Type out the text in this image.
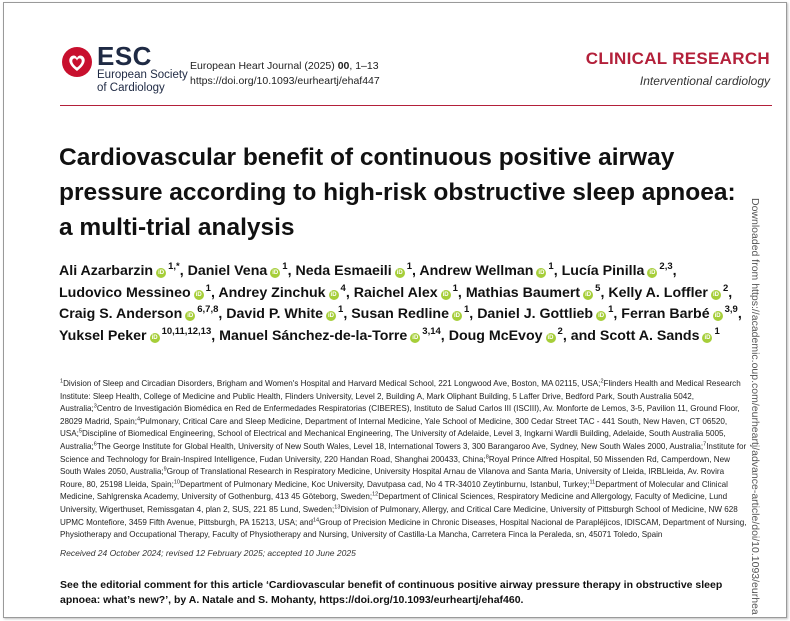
ESC
European Society
of Cardiology
European Heart Journal (2025) 00, 1–13
https://doi.org/10.1093/eurheartj/ehaf447
CLINICAL RESEARCH
Interventional cardiology
Cardiovascular benefit of continuous positive airway pressure according to high-risk obstructive sleep apnoea: a multi-trial analysis
Ali Azarbarzin iD$^{1,*}$, Daniel Vena iD$^1$, Neda Esmaeili iD$^1$, Andrew Wellman iD$^1$, Lucía Pinilla iD$^{2,3}$, Ludovico Messineo iD$^1$, Andrey Zinchuk iD$^4$, Raichel Alex iD$^1$, Mathias Baumert iD$^5$, Kelly A. Loffler iD$^2$, Craig S. Anderson iD$^{6,7,8}$, David P. White iD$^1$, Susan Redline iD$^1$, Daniel J. Gottlieb iD$^1$, Ferran Barbé iD$^{3,9}$, Yuksel Peker iD$^{10,11,12,13}$, Manuel Sánchez-de-la-Torre iD$^{3,14}$, Doug McEvoy iD$^2$, and Scott A. Sands iD$^1$
$^1$Division of Sleep and Circadian Disorders, Brigham and Women's Hospital and Harvard Medical School, 221 Longwood Ave, Boston, MA 02115, USA;$^2$Flinders Health and Medical Research Institute: Sleep Health, College of Medicine and Public Health, Flinders University, Level 2, Building A, Mark Oliphant Building, 5 Laffer Drive, Bedford Park, South Australia 5042, Australia;$^3$Centro de Investigación Biomédica en Red de Enfermedades Respiratorias (CIBERES), Instituto de Salud Carlos III (ISCIII), Av. Monforte de Lemos, 3-5, Pavilion 11, Ground Floor, 28029 Madrid, Spain;$^4$Pulmonary, Critical Care and Sleep Medicine, Department of Internal Medicine, Yale School of Medicine, 300 Cedar Street TAC - 441 South, New Haven, CT 06520, USA;$^5$Discipline of Biomedical Engineering, School of Electrical and Mechanical Engineering, The University of Adelaide, Level 3, Ingkarni Wardli Building, Adelaide, South Australia 5005, Australia;$^6$The George Institute for Global Health, University of New South Wales, Level 18, International Towers 3, 300 Barangaroo Ave, Sydney, New South Wales 2000, Australia;$^7$Institute for Science and Technology for Brain-Inspired Intelligence, Fudan University, 220 Handan Road, Shanghai 200433, China;$^8$Royal Prince Alfred Hospital, 50 Missenden Rd, Camperdown, New South Wales 2050, Australia;$^9$Group of Translational Research in Respiratory Medicine, University Hospital Arnau de Vilanova and Santa Maria, University of Lleida, IRBLleida, Av. Rovira Roure, 80, 25198 Lleida, Spain;$^{10}$Department of Pulmonary Medicine, Koc University, Davutpasa cad, No 4 TR-34010 Zeytinburnu, Istanbul, Turkey;$^{11}$Department of Molecular and Clinical Medicine, Sahlgrenska Academy, University of Gothenburg, 413 45 Göteborg, Sweden;$^{12}$Department of Clinical Sciences, Respiratory Medicine and Allergology, Faculty of Medicine, Lund University, Wigerthuset, Remissgatan 4, plan 2, SUS, 221 85 Lund, Sweden;$^{13}$Division of Pulmonary, Allergy, and Critical Care Medicine, University of Pittsburgh School of Medicine, NW 628 UPMC Montefiore, 3459 Fifth Avenue, Pittsburgh, PA 15213, USA; and$^{14}$Group of Precision Medicine in Chronic Diseases, Hospital Nacional de Parapléjicos, IDISCAM, Department of Nursing, Physiotherapy and Occupational Therapy, Faculty of Physiotherapy and Nursing, University of Castilla-La Mancha, Carretera Finca la Peraleda, sn, 45071 Toledo, Spain
Received 24 October 2024; revised 12 February 2025; accepted 10 June 2025
See the editorial comment for this article ‘Cardiovascular benefit of continuous positive airway pressure therapy in obstructive sleep apnoea: what’s new?’, by A. Natale and S. Mohanty, https://doi.org/10.1093/eurheartj/ehaf460.	Downloaded from https://academic.oup.com/eurheartj/advance-article/doi/10.1093/eurhea
